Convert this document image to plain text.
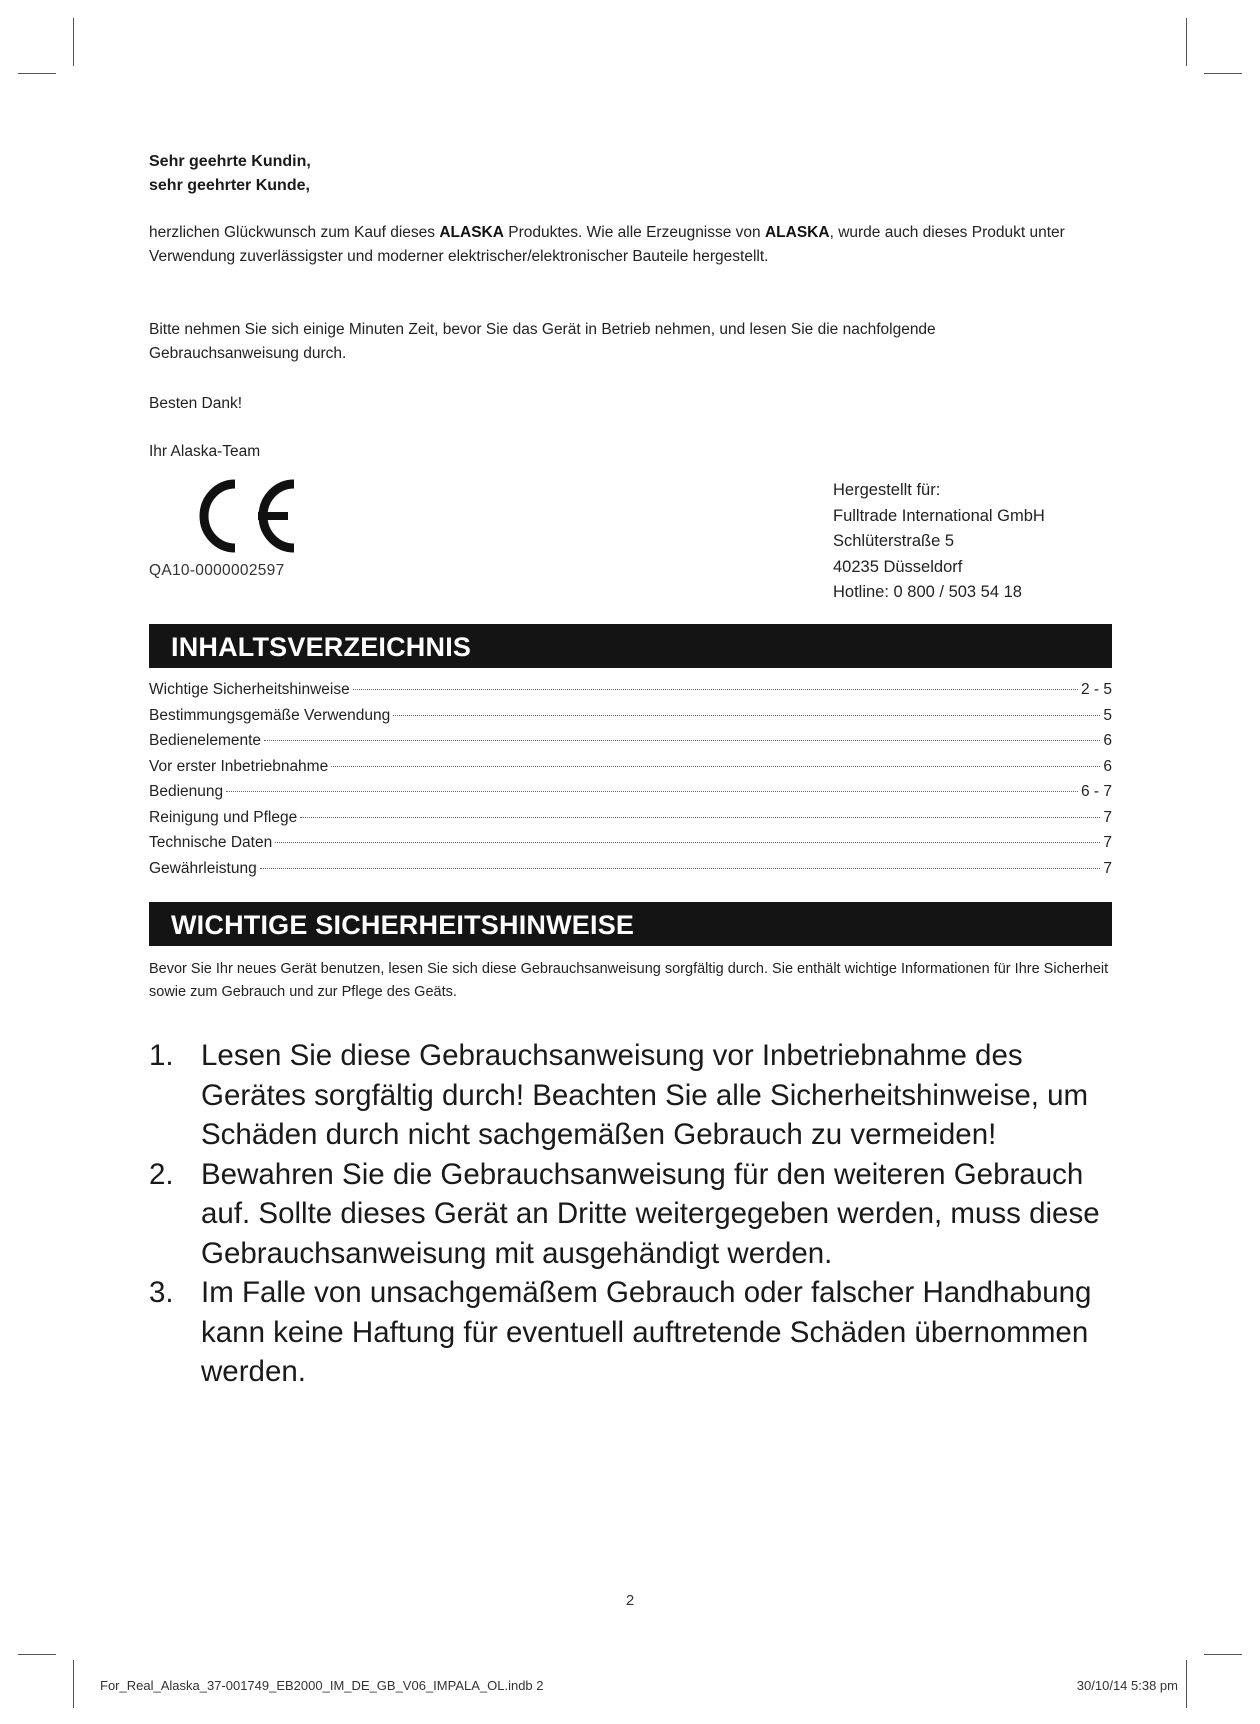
Sehr geehrte Kundin,
sehr geehrter Kunde,
herzlichen Glückwunsch zum Kauf dieses ALASKA Produktes. Wie alle Erzeugnisse von ALASKA, wurde auch dieses Produkt unter Verwendung zuverlässigster und moderner elektrischer/elektronischer Bauteile hergestellt.
Bitte nehmen Sie sich einige Minuten Zeit, bevor Sie das Gerät in Betrieb nehmen, und lesen Sie die nachfolgende Gebrauchsanweisung durch.
Besten Dank!
Ihr Alaska-Team
QA10-0000002597
Hergestellt für:
Fulltrade International GmbH
Schlüterstraße 5
40235 Düsseldorf
Hotline: 0 800 / 503 54 18
INHALTSVERZEICHNIS
Wichtige Sicherheitshinweise	2 - 5
Bestimmungsgemäße Verwendung	5
Bedienelemente	6
Vor erster Inbetriebnahme	6
Bedienung	6 - 7
Reinigung und Pflege	7
Technische Daten	7
Gewährleistung	7
WICHTIGE SICHERHEITSHINWEISE
Bevor Sie Ihr neues Gerät benutzen, lesen Sie sich diese Gebrauchsanweisung sorgfältig durch. Sie enthält wichtige Informationen für Ihre Sicherheit sowie zum Gebrauch und zur Pflege des Geäts.
1. Lesen Sie diese Gebrauchsanweisung vor Inbetriebnahme des Gerätes sorgfältig durch! Beachten Sie alle Sicherheitshinweise, um Schäden durch nicht sachgemäßen Gebrauch zu vermeiden!
2. Bewahren Sie die Gebrauchsanweisung für den weiteren Gebrauch auf. Sollte dieses Gerät an Dritte weitergegeben werden, muss diese Gebrauchsanweisung mit ausgehändigt werden.
3. Im Falle von unsachgemäßem Gebrauch oder falscher Handhabung kann keine Haftung für eventuell auftretende Schäden übernommen werden.
2
For_Real_Alaska_37-001749_EB2000_IM_DE_GB_V06_IMPALA_OL.indb 2	30/10/14 5:38 pm
